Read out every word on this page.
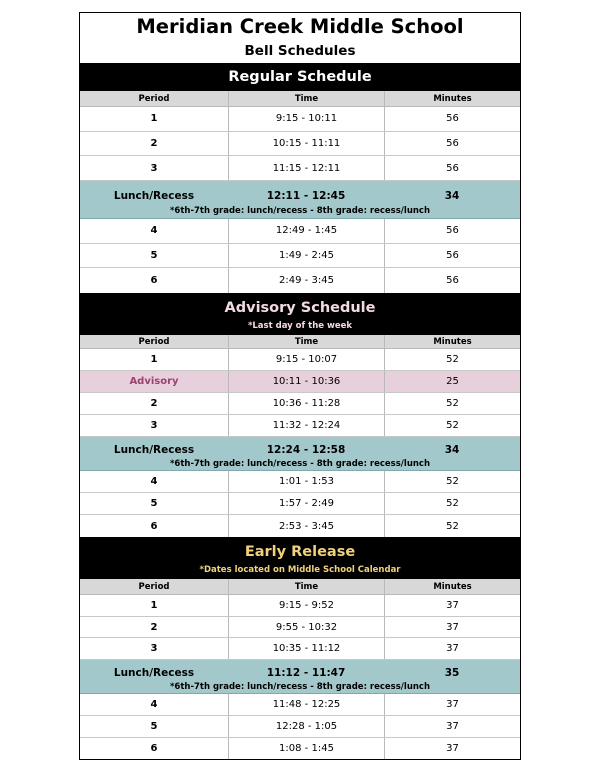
Meridian Creek Middle School
Bell Schedules
Regular Schedule
Period	Time	Minutes
1	9:15 - 10:11	56
2	10:15 - 11:11	56
3	11:15 - 12:11	56
Lunch/Recess	12:11 - 12:45	34
*6th-7th grade: lunch/recess - 8th grade: recess/lunch
4	12:49 - 1:45	56
5	1:49 - 2:45	56
6	2:49 - 3:45	56
Advisory Schedule
*Last day of the week
Period	Time	Minutes
1	9:15 - 10:07	52
Advisory	10:11 - 10:36	25
2	10:36 - 11:28	52
3	11:32 - 12:24	52
Lunch/Recess	12:24 - 12:58	34
*6th-7th grade: lunch/recess - 8th grade: recess/lunch
4	1:01 - 1:53	52
5	1:57 - 2:49	52
6	2:53 - 3:45	52
Early Release
*Dates located on Middle School Calendar
Period	Time	Minutes
1	9:15 - 9:52	37
2	9:55 - 10:32	37
3	10:35 - 11:12	37
Lunch/Recess	11:12 - 11:47	35
*6th-7th grade: lunch/recess - 8th grade: recess/lunch
4	11:48 - 12:25	37
5	12:28 - 1:05	37
6	1:08 - 1:45	37
